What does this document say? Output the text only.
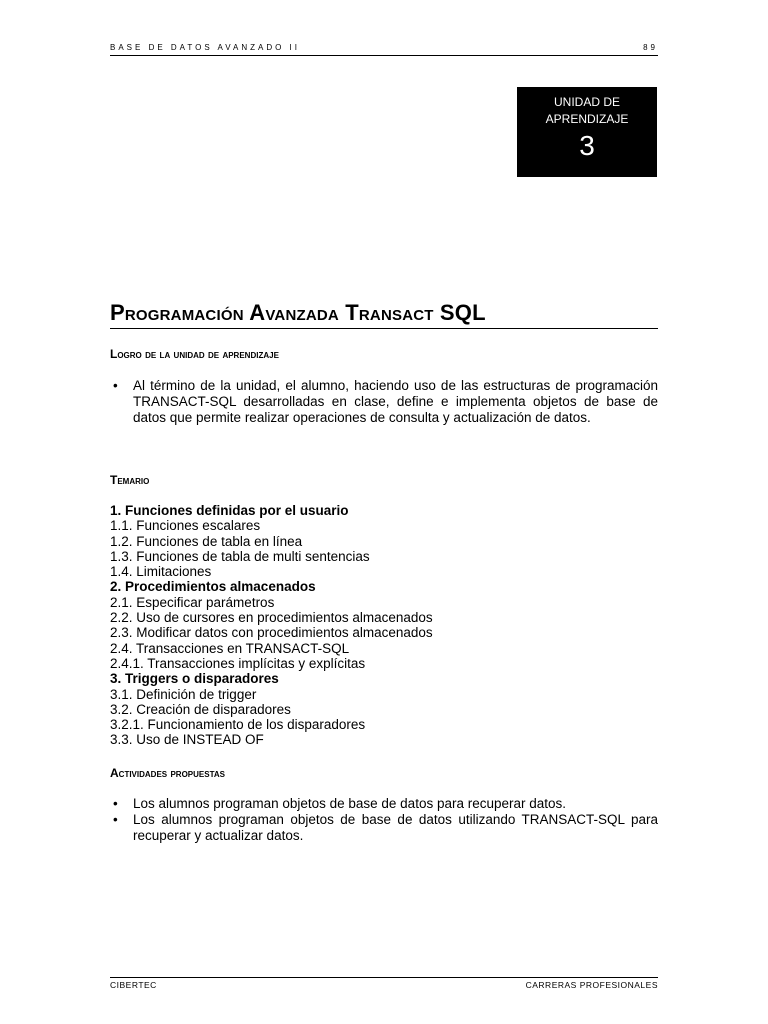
BASE DE DATOS AVANZADO II	89
UNIDAD DE APRENDIZAJE
3
Programación Avanzada Transact SQL
Logro de la unidad de aprendizaje
• Al término de la unidad, el alumno, haciendo uso de las estructuras de programación TRANSACT-SQL desarrolladas en clase, define e implementa objetos de base de datos que permite realizar operaciones de consulta y actualización de datos.
Temario
1. Funciones definidas por el usuario
1.1. Funciones escalares
1.2. Funciones de tabla en línea
1.3. Funciones de tabla de multi sentencias
1.4. Limitaciones
2. Procedimientos almacenados
2.1. Especificar parámetros
2.2. Uso de cursores en procedimientos almacenados
2.3. Modificar datos con procedimientos almacenados
2.4. Transacciones en TRANSACT-SQL
2.4.1. Transacciones implícitas y explícitas
3. Triggers o disparadores
3.1. Definición de trigger
3.2. Creación de disparadores
3.2.1. Funcionamiento de los disparadores
3.3. Uso de INSTEAD OF
Actividades propuestas
• Los alumnos programan objetos de base de datos para recuperar datos.
• Los alumnos programan objetos de base de datos utilizando TRANSACT-SQL para recuperar y actualizar datos.
CIBERTEC	CARRERAS PROFESIONALES
